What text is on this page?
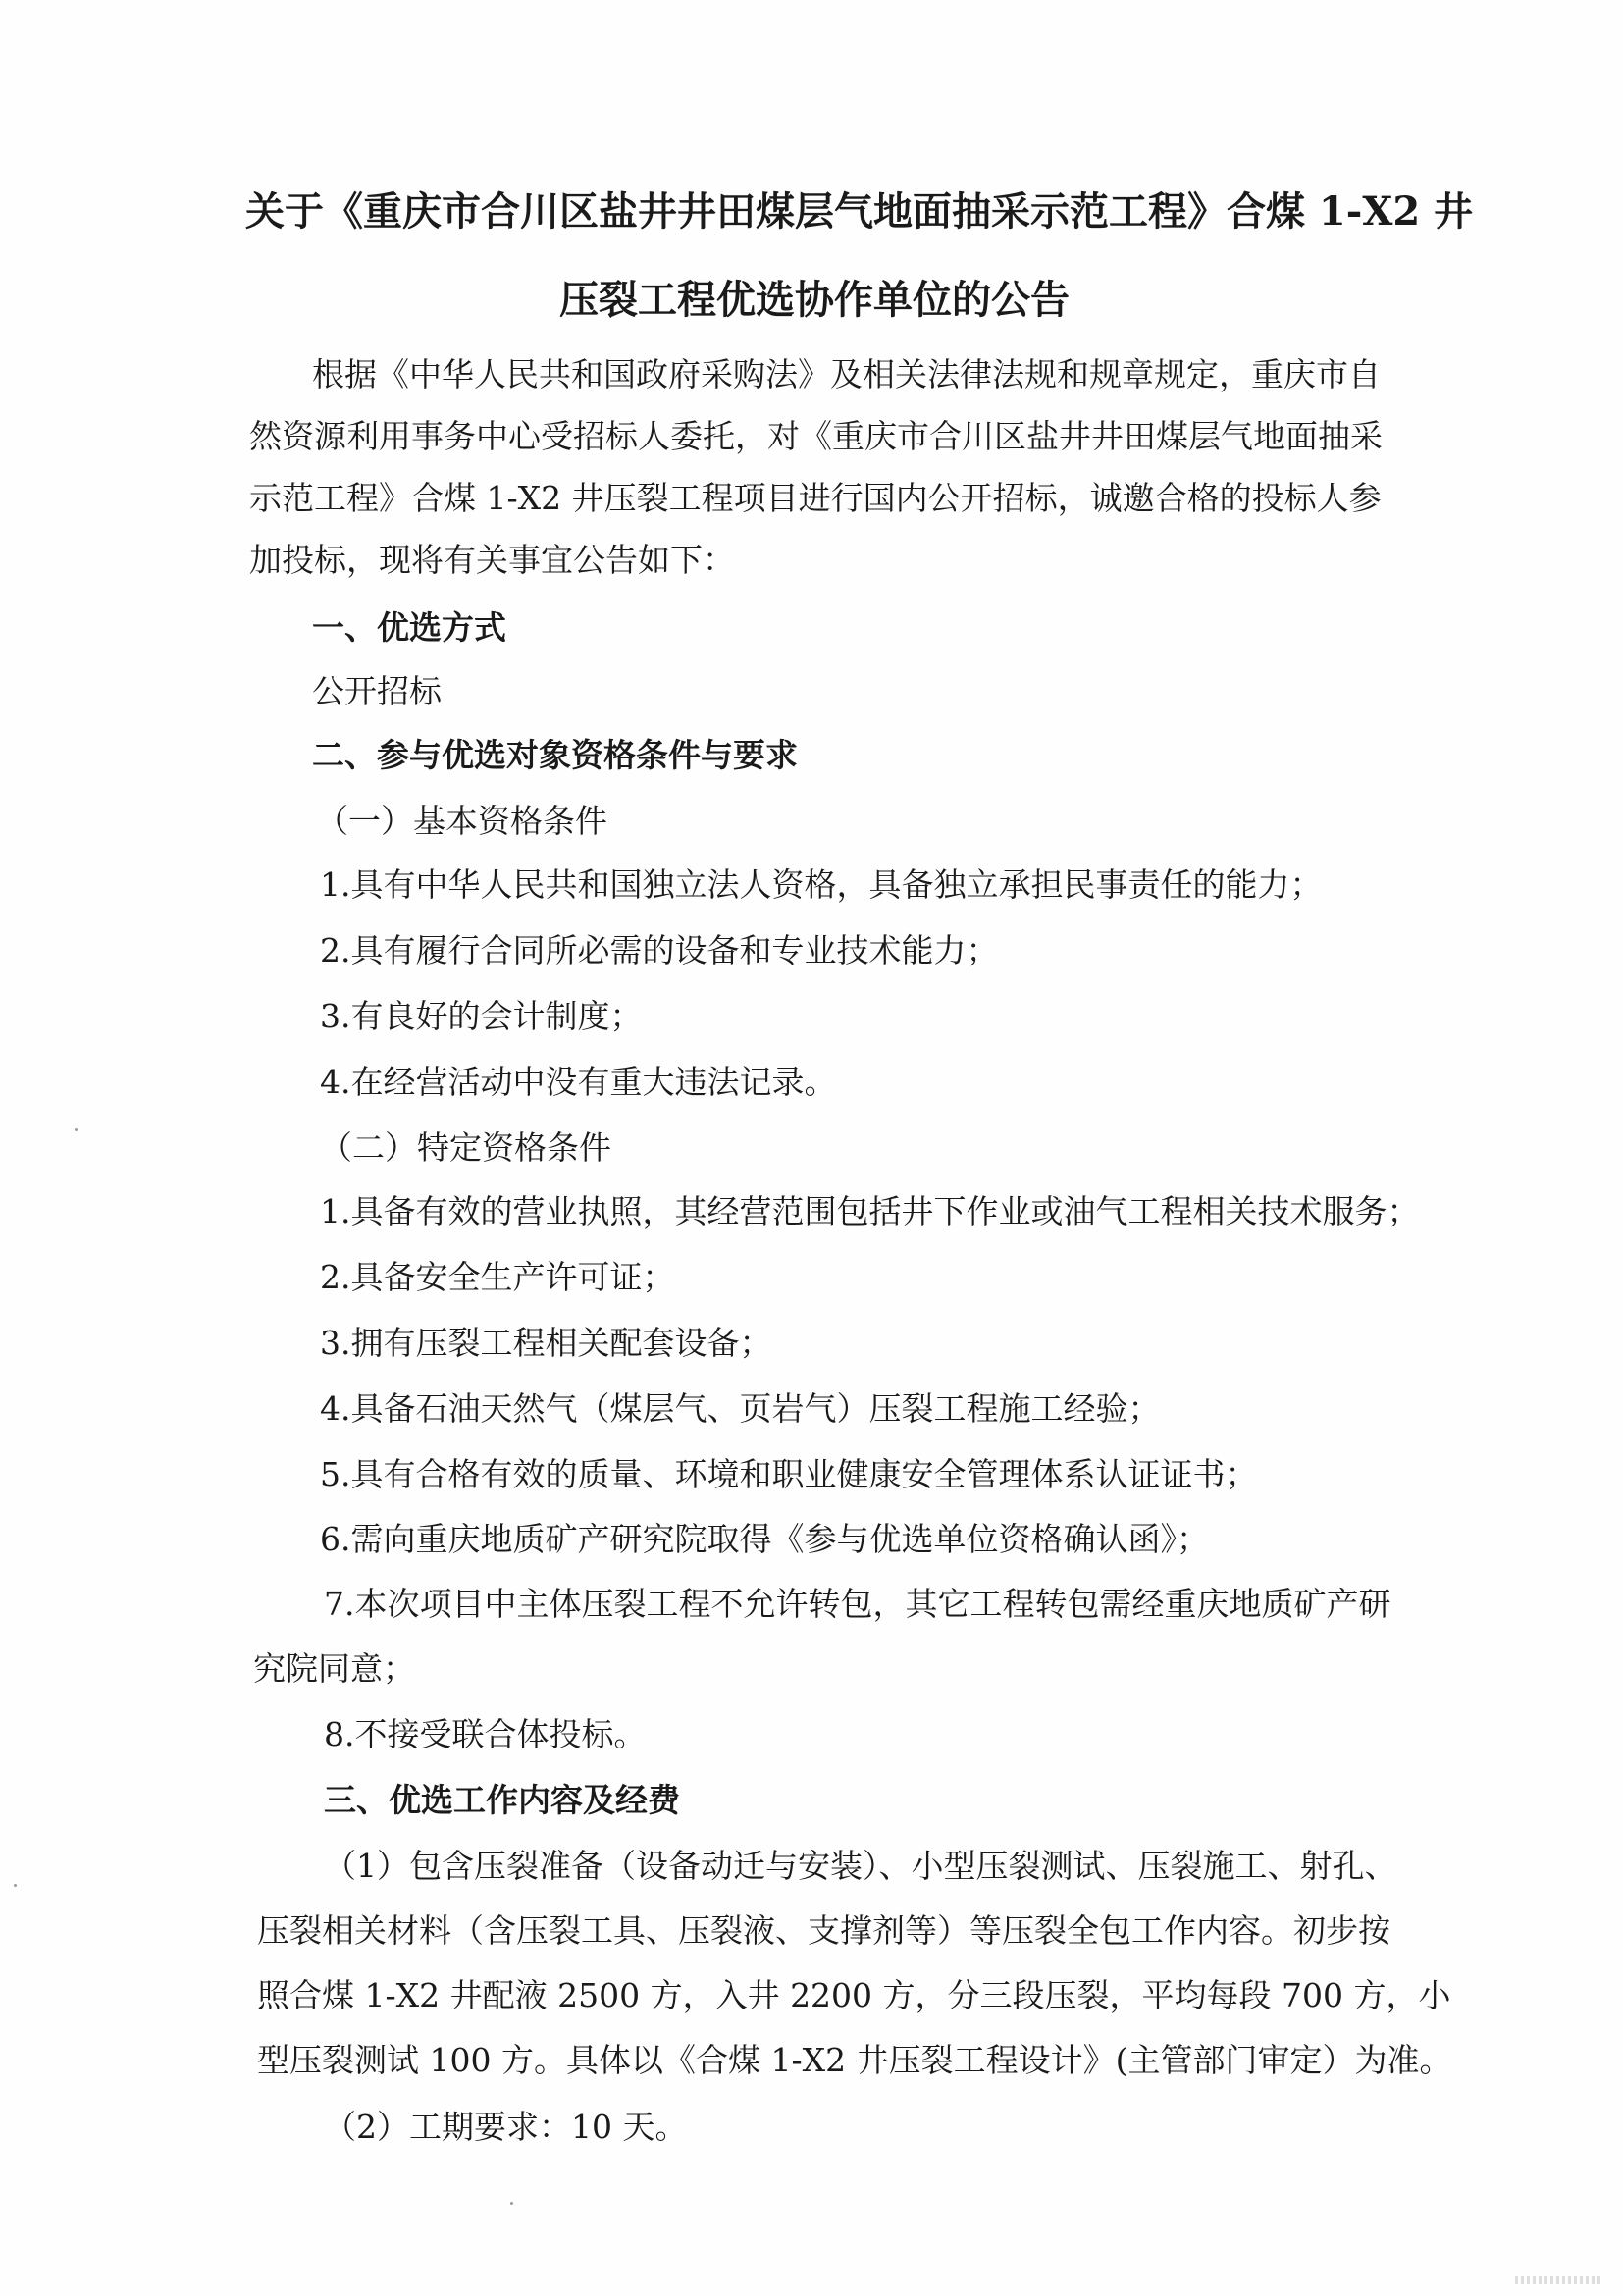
关于《重庆市合川区盐井井田煤层气地面抽采示范工程》合煤 1-X2 井
压裂工程优选协作单位的公告
根据《中华人民共和国政府采购法》及相关法律法规和规章规定，重庆市自
然资源利用事务中心受招标人委托，对《重庆市合川区盐井井田煤层气地面抽采
示范工程》合煤 1-X2 井压裂工程项目进行国内公开招标，诚邀合格的投标人参
加投标，现将有关事宜公告如下：
一、优选方式
公开招标
二、参与优选对象资格条件与要求
（一）基本资格条件
1.具有中华人民共和国独立法人资格，具备独立承担民事责任的能力；
2.具有履行合同所必需的设备和专业技术能力；
3.有良好的会计制度；
4.在经营活动中没有重大违法记录。
（二）特定资格条件
1.具备有效的营业执照，其经营范围包括井下作业或油气工程相关技术服务；
2.具备安全生产许可证；
3.拥有压裂工程相关配套设备；
4.具备石油天然气（煤层气、页岩气）压裂工程施工经验；
5.具有合格有效的质量、环境和职业健康安全管理体系认证证书；
6.需向重庆地质矿产研究院取得《参与优选单位资格确认函》；
7.本次项目中主体压裂工程不允许转包，其它工程转包需经重庆地质矿产研
究院同意；
8.不接受联合体投标。
三、优选工作内容及经费
（1）包含压裂准备（设备动迁与安装）、小型压裂测试、压裂施工、射孔、
压裂相关材料（含压裂工具、压裂液、支撑剂等）等压裂全包工作内容。初步按
照合煤 1-X2 井配液 2500 方，入井 2200 方，分三段压裂，平均每段 700 方，小
型压裂测试 100 方。具体以《合煤 1-X2 井压裂工程设计》(主管部门审定）为准。
（2）工期要求：10 天。
